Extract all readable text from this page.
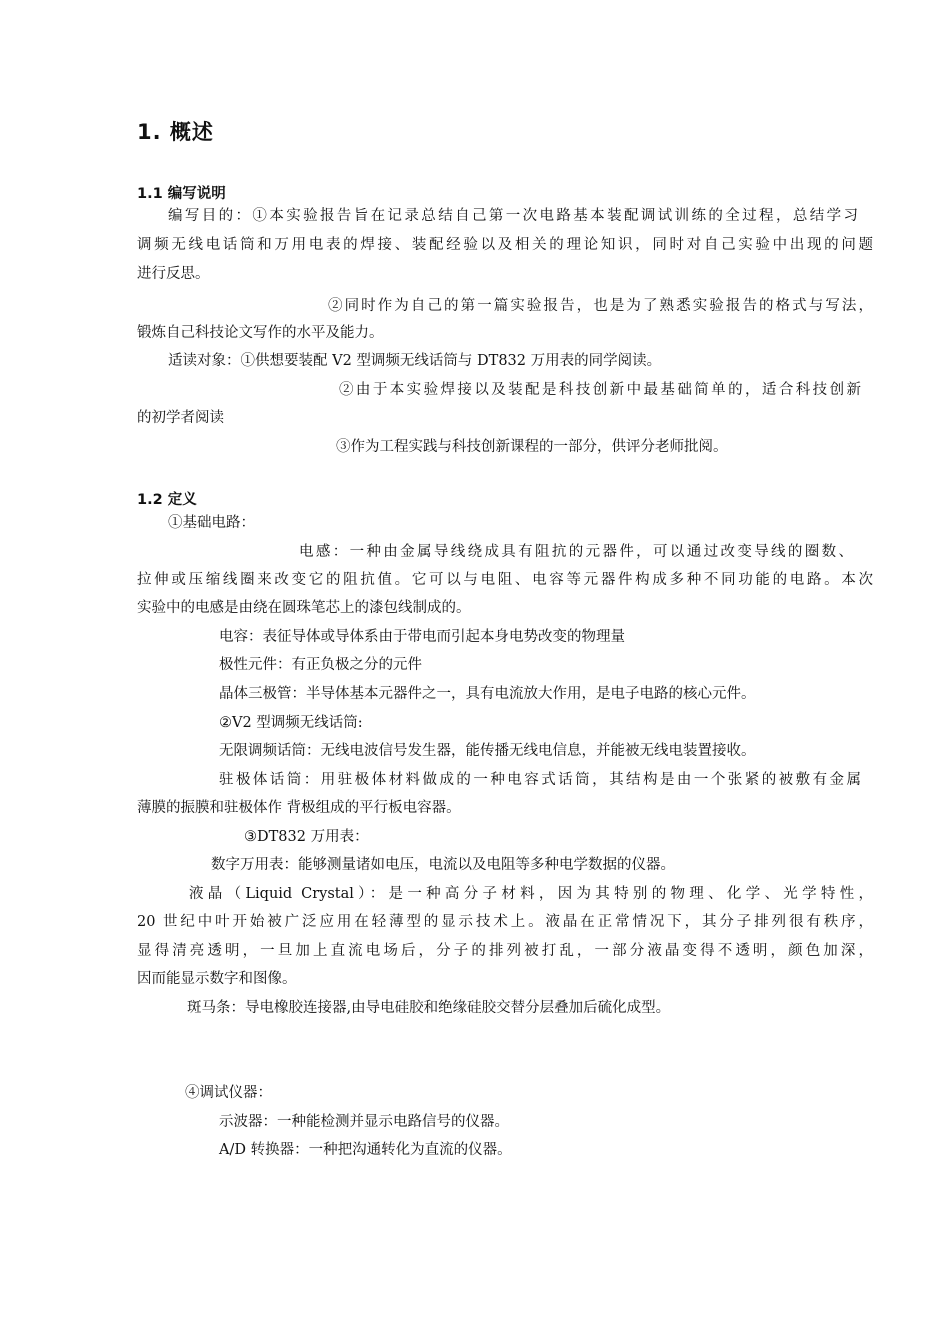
1. 概述
1.1 编写说明
编写目的：①本实验报告旨在记录总结自己第一次电路基本装配调试训练的全过程，总结学习
调频无线电话筒和万用电表的焊接、装配经验以及相关的理论知识，同时对自己实验中出现的问题
进行反思。
②同时作为自己的第一篇实验报告，也是为了熟悉实验报告的格式与写法，
锻炼自己科技论文写作的水平及能力。
适读对象：①供想要装配 V2 型调频无线话筒与 DT832 万用表的同学阅读。
②由于本实验焊接以及装配是科技创新中最基础简单的，适合科技创新
的初学者阅读
③作为工程实践与科技创新课程的一部分，供评分老师批阅。
1.2 定义
①基础电路：
电感：一种由金属导线绕成具有阻抗的元器件，可以通过改变导线的圈数、
拉伸或压缩线圈来改变它的阻抗值。它可以与电阻、电容等元器件构成多种不同功能的电路。本次
实验中的电感是由绕在圆珠笔芯上的漆包线制成的。
电容：表征导体或导体系由于带电而引起本身电势改变的物理量
极性元件：有正负极之分的元件
晶体三极管：半导体基本元器件之一，具有电流放大作用，是电子电路的核心元件。
②V2 型调频无线话筒:
无限调频话筒：无线电波信号发生器，能传播无线电信息，并能被无线电装置接收。
驻极体话筒：用驻极体材料做成的一种电容式话筒，其结构是由一个张紧的被敷有金属
薄膜的振膜和驻极体作 背极组成的平行板电容器。
③DT832 万用表：
数字万用表：能够测量诸如电压，电流以及电阻等多种电学数据的仪器。
液晶（Liquid Crystal）：是一种高分子材料，因为其特别的物理、化学、光学特性，
20 世纪中叶开始被广泛应用在轻薄型的显示技术上。液晶在正常情况下，其分子排列很有秩序，
显得清亮透明，一旦加上直流电场后，分子的排列被打乱，一部分液晶变得不透明，颜色加深，
因而能显示数字和图像。
斑马条：导电橡胶连接器,由导电硅胶和绝缘硅胶交替分层叠加后硫化成型。
④调试仪器：
示波器：一种能检测并显示电路信号的仪器。
A/D 转换器：一种把沟通转化为直流的仪器。
